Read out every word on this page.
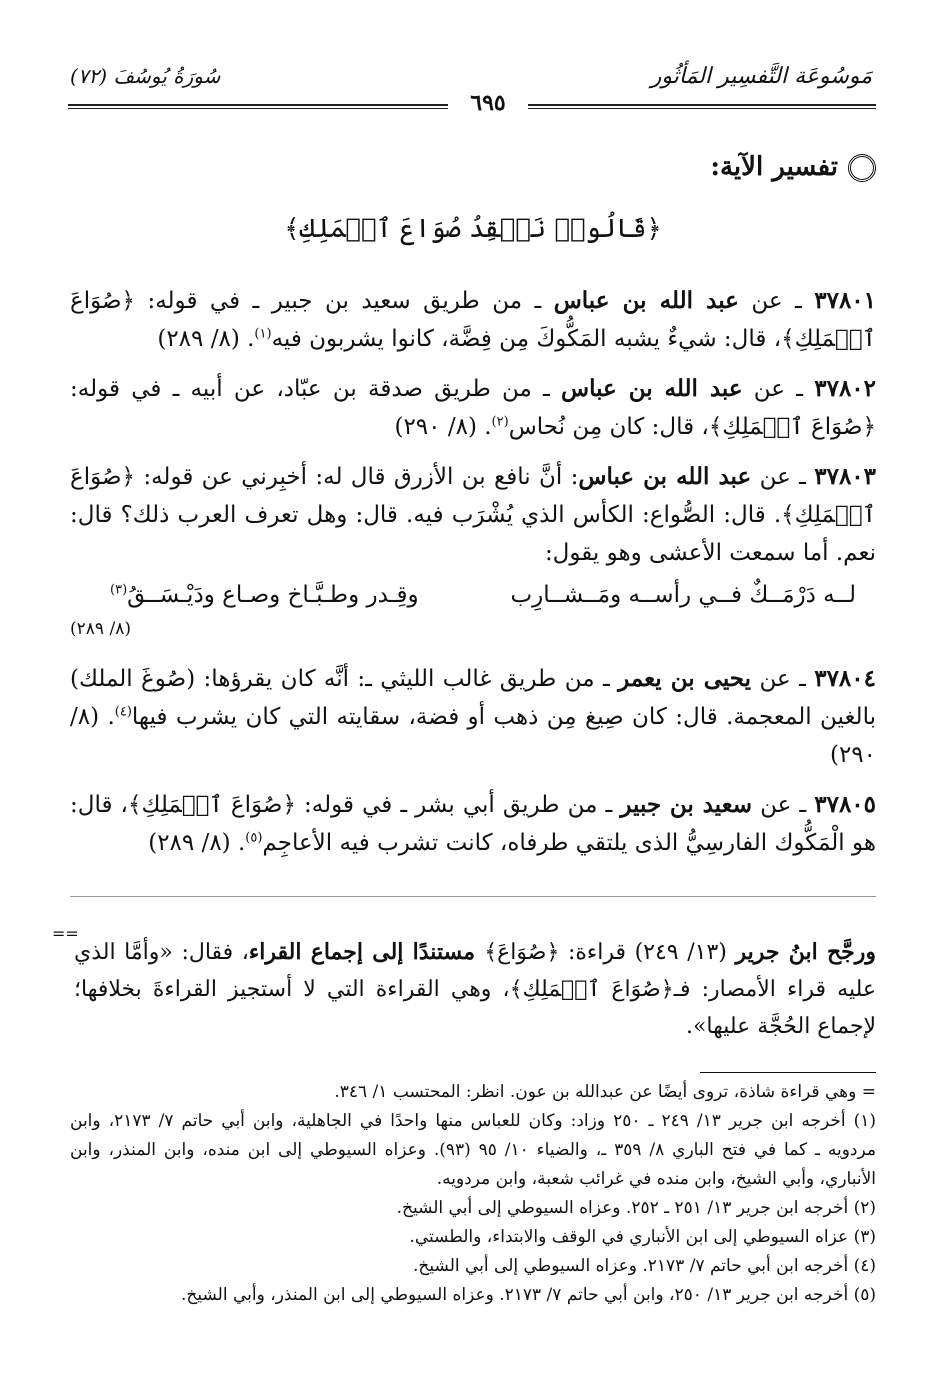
مَوسُوعَة التَّفسِير المَأثُور
سُورَةُ يُوسُفَ (٧٢)
٦٩٥
تفسير الآية:
﴿قَالُوا۟ نَفۡقِدُ صُوَاعَ ٱلۡمَلِكِ﴾

٣٧٨٠١ ـ عن عبد الله بن عباس ـ من طريق سعيد بن جبير ـ في قوله: ﴿صُوَاعَ ٱلۡمَلِكِ﴾، قال: شيءٌ يشبه المَكُّوكَ مِن فِضَّة، كانوا يشربون فيه$^{(١)}$. (٨/ ٢٨٩)

٣٧٨٠٢ ـ عن عبد الله بن عباس ـ من طريق صدقة بن عبّاد، عن أبيه ـ في قوله: ﴿صُوَاعَ ٱلۡمَلِكِ﴾، قال: كان مِن نُحاس$^{(٢)}$. (٨/ ٢٩٠)

٣٧٨٠٣ ـ عن عبد الله بن عباس: أنَّ نافع بن الأزرق قال له: أخبِرني عن قوله: ﴿صُوَاعَ ٱلۡمَلِكِ﴾. قال: الصُّواع: الكأس الذي يُشْرَب فيه. قال: وهل تعرف العرب ذلك؟ قال: نعم. أما سمعت الأعشى وهو يقول:
لــه دَرْمَــكٌ فــي رأســه ومَــشــارِب
وقِـدر وطـبَّـاخ وصـاع ودَيْـسَــقُ$^{(٣)}$
(٨/ ٢٨٩)

٣٧٨٠٤ ـ عن يحيى بن يعمر ـ من طريق غالب الليثي ـ: أنَّه كان يقرؤها: (صُوغَ الملك) بالغين المعجمة. قال: كان صِيغ مِن ذهب أو فضة، سقايته التي كان يشرب فيها$^{(٤)}$. (٨/ ٢٩٠)

٣٧٨٠٥ ـ عن سعيد بن جبير ـ من طريق أبي بشر ـ في قوله: ﴿صُوَاعَ ٱلۡمَلِكِ﴾، قال: هو الْمَكُّوك الفارسِيُّ الذى يلتقي طرفاه، كانت تشرب فيه الأعاجِم$^{(٥)}$. (٨/ ٢٨٩)

==

ورجَّح ابنُ جرير (١٣/ ٢٤٩) قراءة: ﴿صُوَاعَ﴾ مستندًا إلى إجماع القراء، فقال: «وأمَّا الذي عليه قراء الأمصار: فـ﴿صُوَاعَ ٱلۡمَلِكِ﴾، وهي القراءة التي لا أستجيز القراءةَ بخلافها؛ لإجماع الحُجَّة عليها».

= وهي قراءة شاذة، تروى أيضًا عن عبدالله بن عون. انظر: المحتسب ١/ ٣٤٦.

(١) أخرجه ابن جرير ١٣/ ٢٤٩ ـ ٢٥٠ وزاد: وكان للعباس منها واحدًا في الجاهلية، وابن أبي حاتم ٧/ ٢١٧٣، وابن مردويه ـ كما في فتح الباري ٨/ ٣٥٩ ـ، والضياء ١٠/ ٩٥ (٩٣). وعزاه السيوطي إلى ابن منده، وابن المنذر، وابن الأنباري، وأبي الشيخ، وابن منده في غرائب شعبة، وابن مردويه.

(٢) أخرجه ابن جرير ١٣/ ٢٥١ ـ ٢٥٢. وعزاه السيوطي إلى أبي الشيخ.

(٣) عزاه السيوطي إلى ابن الأنباري في الوقف والابتداء، والطستي.

(٤) أخرجه ابن أبي حاتم ٧/ ٢١٧٣. وعزاه السيوطي إلى أبي الشيخ.

(٥) أخرجه ابن جرير ١٣/ ٢٥٠، وابن أبي حاتم ٧/ ٢١٧٣. وعزاه السيوطي إلى ابن المنذر، وأبي الشيخ.
